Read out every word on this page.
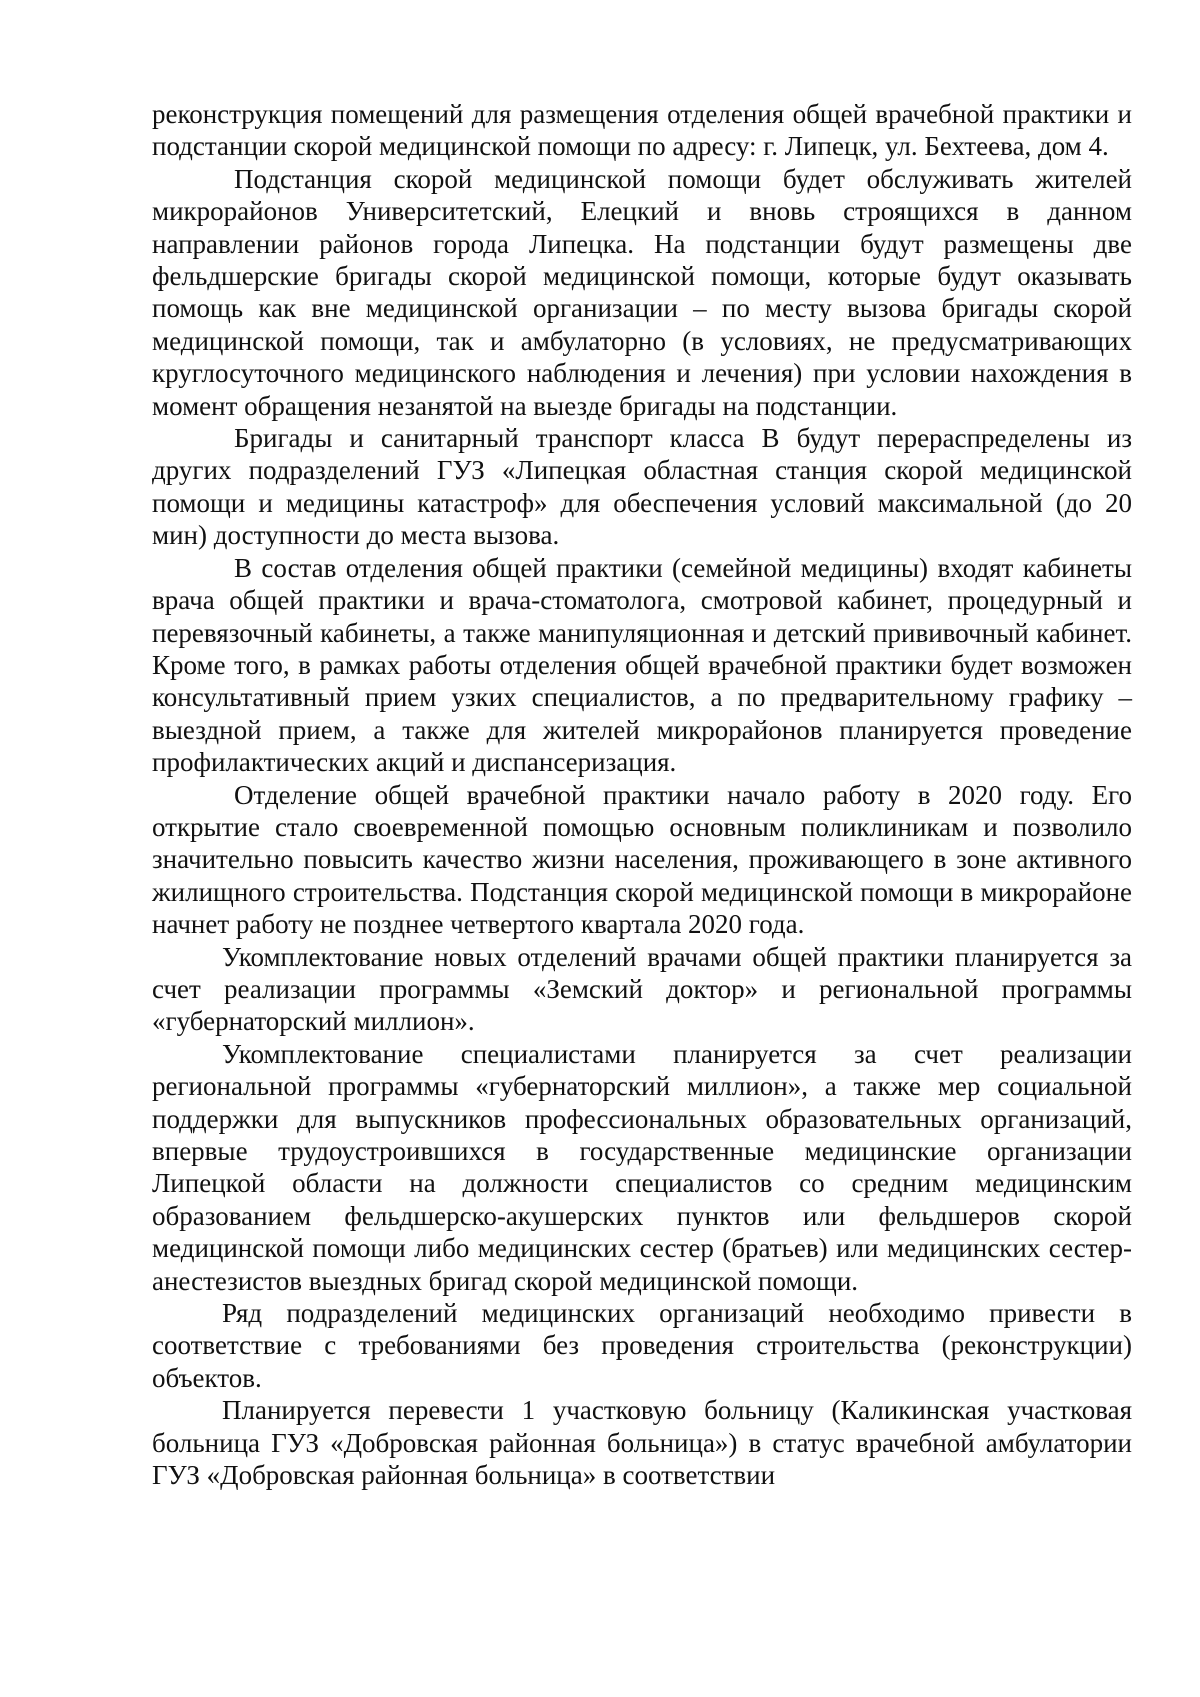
реконструкция помещений для размещения отделения общей врачебной практики и подстанции скорой медицинской помощи по адресу: г. Липецк, ул. Бехтеева, дом 4.

Подстанция скорой медицинской помощи будет обслуживать жителей микрорайонов Университетский, Елецкий и вновь строящихся в данном направлении районов города Липецка. На подстанции будут размещены две фельдшерские бригады скорой медицинской помощи, которые будут оказывать помощь как вне медицинской организации – по месту вызова бригады скорой медицинской помощи, так и амбулаторно (в условиях, не предусматривающих круглосуточного медицинского наблюдения и лечения) при условии нахождения в момент обращения незанятой на выезде бригады на подстанции.

Бригады и санитарный транспорт класса В будут перераспределены из других подразделений ГУЗ «Липецкая областная станция скорой медицинской помощи и медицины катастроф» для обеспечения условий максимальной (до 20 мин) доступности до места вызова.

В состав отделения общей практики (семейной медицины) входят кабинеты врача общей практики и врача-стоматолога, смотровой кабинет, процедурный и перевязочный кабинеты, а также манипуляционная и детский прививочный кабинет. Кроме того, в рамках работы отделения общей врачебной практики будет возможен консультативный прием узких специалистов, а по предварительному графику – выездной прием, а также для жителей микрорайонов планируется проведение профилактических акций и диспансеризация.

Отделение общей врачебной практики начало работу в 2020 году. Его открытие стало своевременной помощью основным поликлиникам и позволило значительно повысить качество жизни населения, проживающего в зоне активного жилищного строительства. Подстанция скорой медицинской помощи в микрорайоне начнет работу не позднее четвертого квартала 2020 года.

Укомплектование новых отделений врачами общей практики планируется за счет реализации программы «Земский доктор» и региональной программы «губернаторский миллион».

Укомплектование специалистами планируется за счет реализации региональной программы «губернаторский миллион», а также мер социальной поддержки для выпускников профессиональных образовательных организаций, впервые трудоустроившихся в государственные медицинские организации Липецкой области на должности специалистов со средним медицинским образованием фельдшерско-акушерских пунктов или фельдшеров скорой медицинской помощи либо медицинских сестер (братьев) или медицинских сестер-анестезистов выездных бригад скорой медицинской помощи.

Ряд подразделений медицинских организаций необходимо привести в соответствие с требованиями без проведения строительства (реконструкции) объектов.

Планируется перевести 1 участковую больницу (Каликинская участковая больница ГУЗ «Добровская районная больница») в статус врачебной амбулатории ГУЗ «Добровская районная больница» в соответствии
